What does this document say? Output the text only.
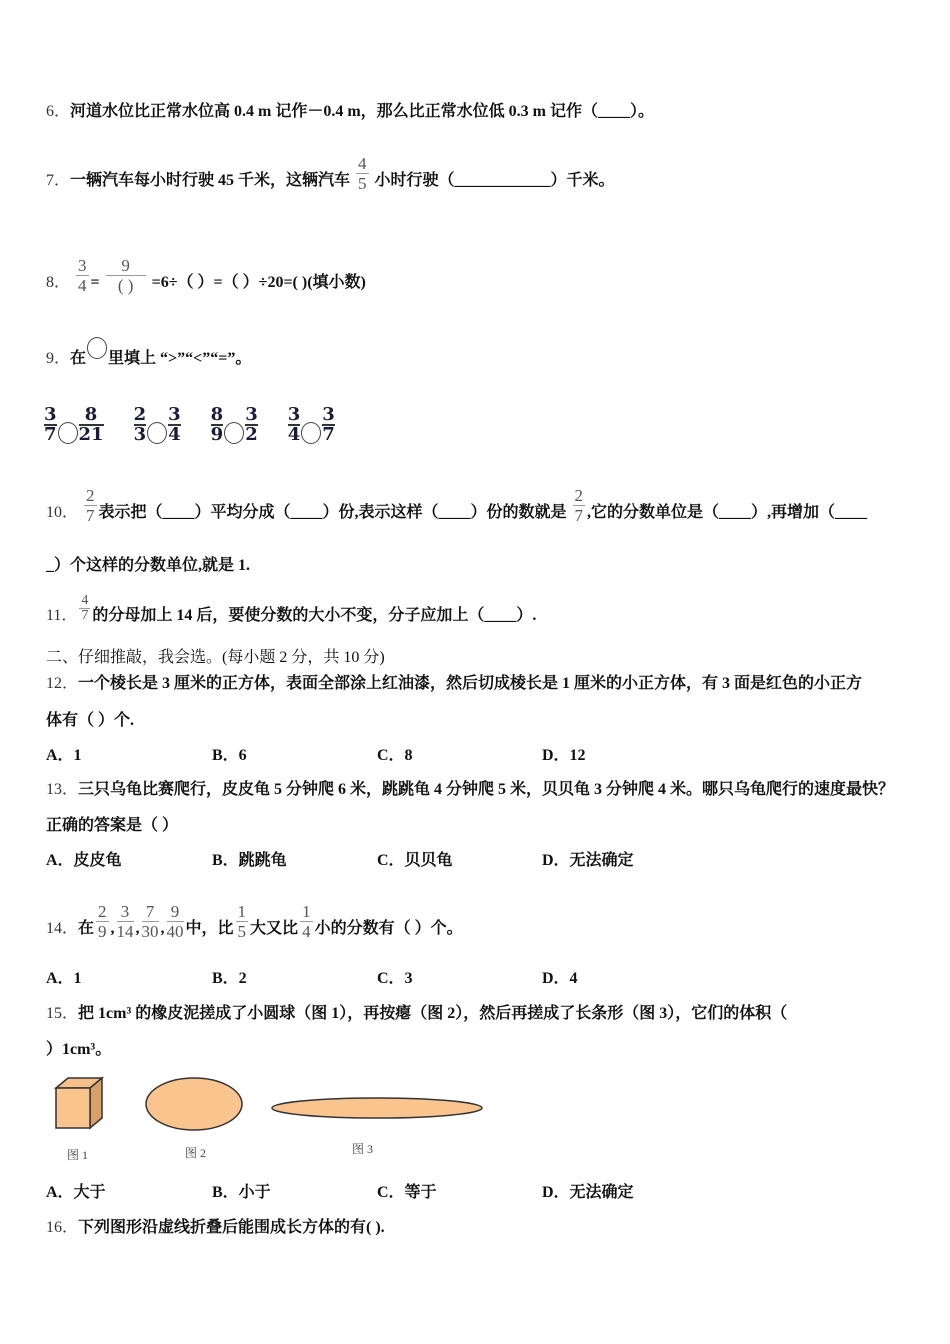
6．河道水位比正常水位高 0.4 m 记作－0.4 m，那么比正常水位低 0.3 m 记作（____）。
7．一辆汽车每小时行驶 45 千米，这辆汽车 $\frac{4}{5}$ 小时行驶（____________）千米。
8． $\frac{3}{4}$ =
9
( )	=6÷（ ）=（ ）÷20=( )(填小数)
9．在 里填上 “>”“<”“=”。
$\frac{3}{7} \frac{8}{21} \frac{2}{3} \frac{3}{4} \frac{8}{9} \frac{3}{2} \frac{3}{4} \frac{3}{7}$
10． $\frac{2}{7}$ 表示把（____）平均分成（____）份,表示这样（____）份的数就是 $\frac{2}{7}$ ,它的分数单位是（____）,再增加（____
_）个这样的分数单位,就是 1.
11． $\frac{4}{7}$ 的分母加上 14 后，要使分数的大小不变，分子应加上（____）.
二、仔细推敲，我会选。(每小题 2 分，共 10 分)
12．一个棱长是 3 厘米的正方体，表面全部涂上红油漆，然后切成棱长是 1 厘米的小正方体，有 3 面是红色的小正方
体有（ ）个.
A．1	B．6	C．8	D．12
13．三只乌龟比赛爬行，皮皮龟 5 分钟爬 6 米，跳跳龟 4 分钟爬 5 米，贝贝龟 3 分钟爬 4 米。哪只乌龟爬行的速度最快？
正确的答案是（ ）
A．皮皮龟	B．跳跳龟	C．贝贝龟	D．无法确定
14．在 $\frac{2}{9}$ , $\frac{3}{14}$ , $\frac{7}{30}$ , $\frac{9}{40}$ 中，比 $\frac{1}{5}$ 大又比 $\frac{1}{4}$ 小的分数有（ ）个。
A．1	B．2	C．3	D．4
15．把 1cm³ 的橡皮泥搓成了小圆球（图 1），再按瘪（图 2），然后再搓成了长条形（图 3），它们的体积（
）1cm³。
图 1	图 2	图 3
A．大于	B．小于	C．等于	D．无法确定
16．下列图形沿虚线折叠后能围成长方体的有( ).
